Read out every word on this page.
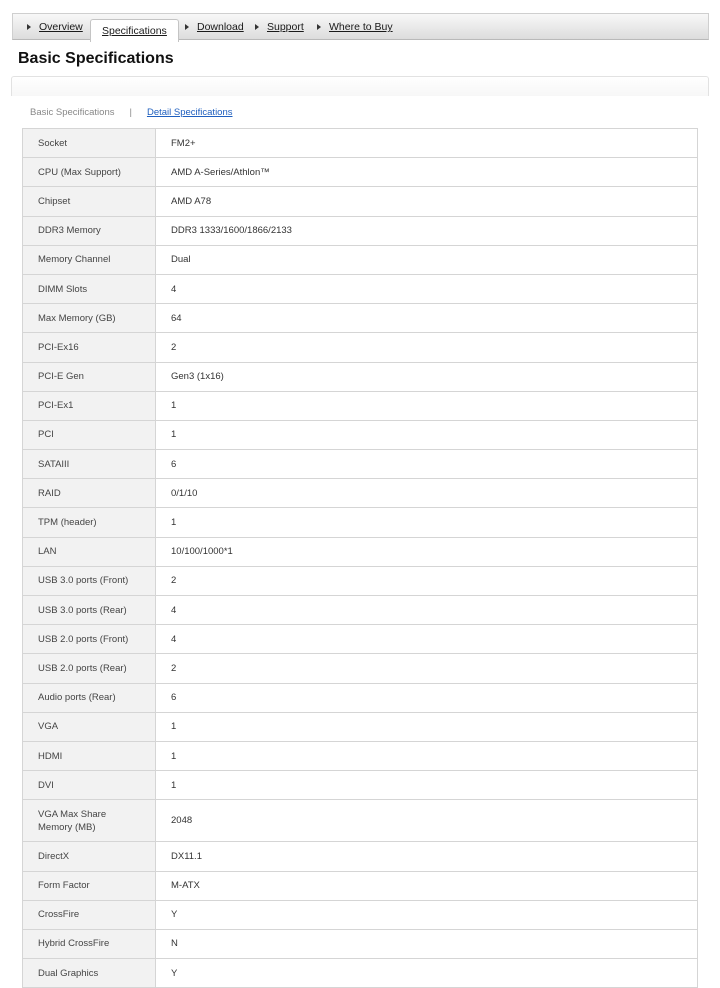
Overview Specifications	Download Support Where to Buy
Basic Specifications
Basic Specifications | Detail Specifications
Socket	FM2+
CPU (Max Support)	AMD A-Series/Athlon™
Chipset	AMD A78
DDR3 Memory	DDR3 1333/1600/1866/2133
Memory Channel	Dual
DIMM Slots	4
Max Memory (GB)	64
PCI-Ex16	2
PCI-E Gen	Gen3 (1x16)
PCI-Ex1	1
PCI	1
SATAIII	6
RAID	0/1/10
TPM (header)	1
LAN	10/100/1000*1
USB 3.0 ports (Front)	2
USB 3.0 ports (Rear)	4
USB 2.0 ports (Front)	4
USB 2.0 ports (Rear)	2
Audio ports (Rear)	6
VGA	1
HDMI	1
DVI	1
VGA Max Share Memory (MB)	2048
DirectX	DX11.1
Form Factor	M-ATX
CrossFire	Y
Hybrid CrossFire	N
Dual Graphics	Y
